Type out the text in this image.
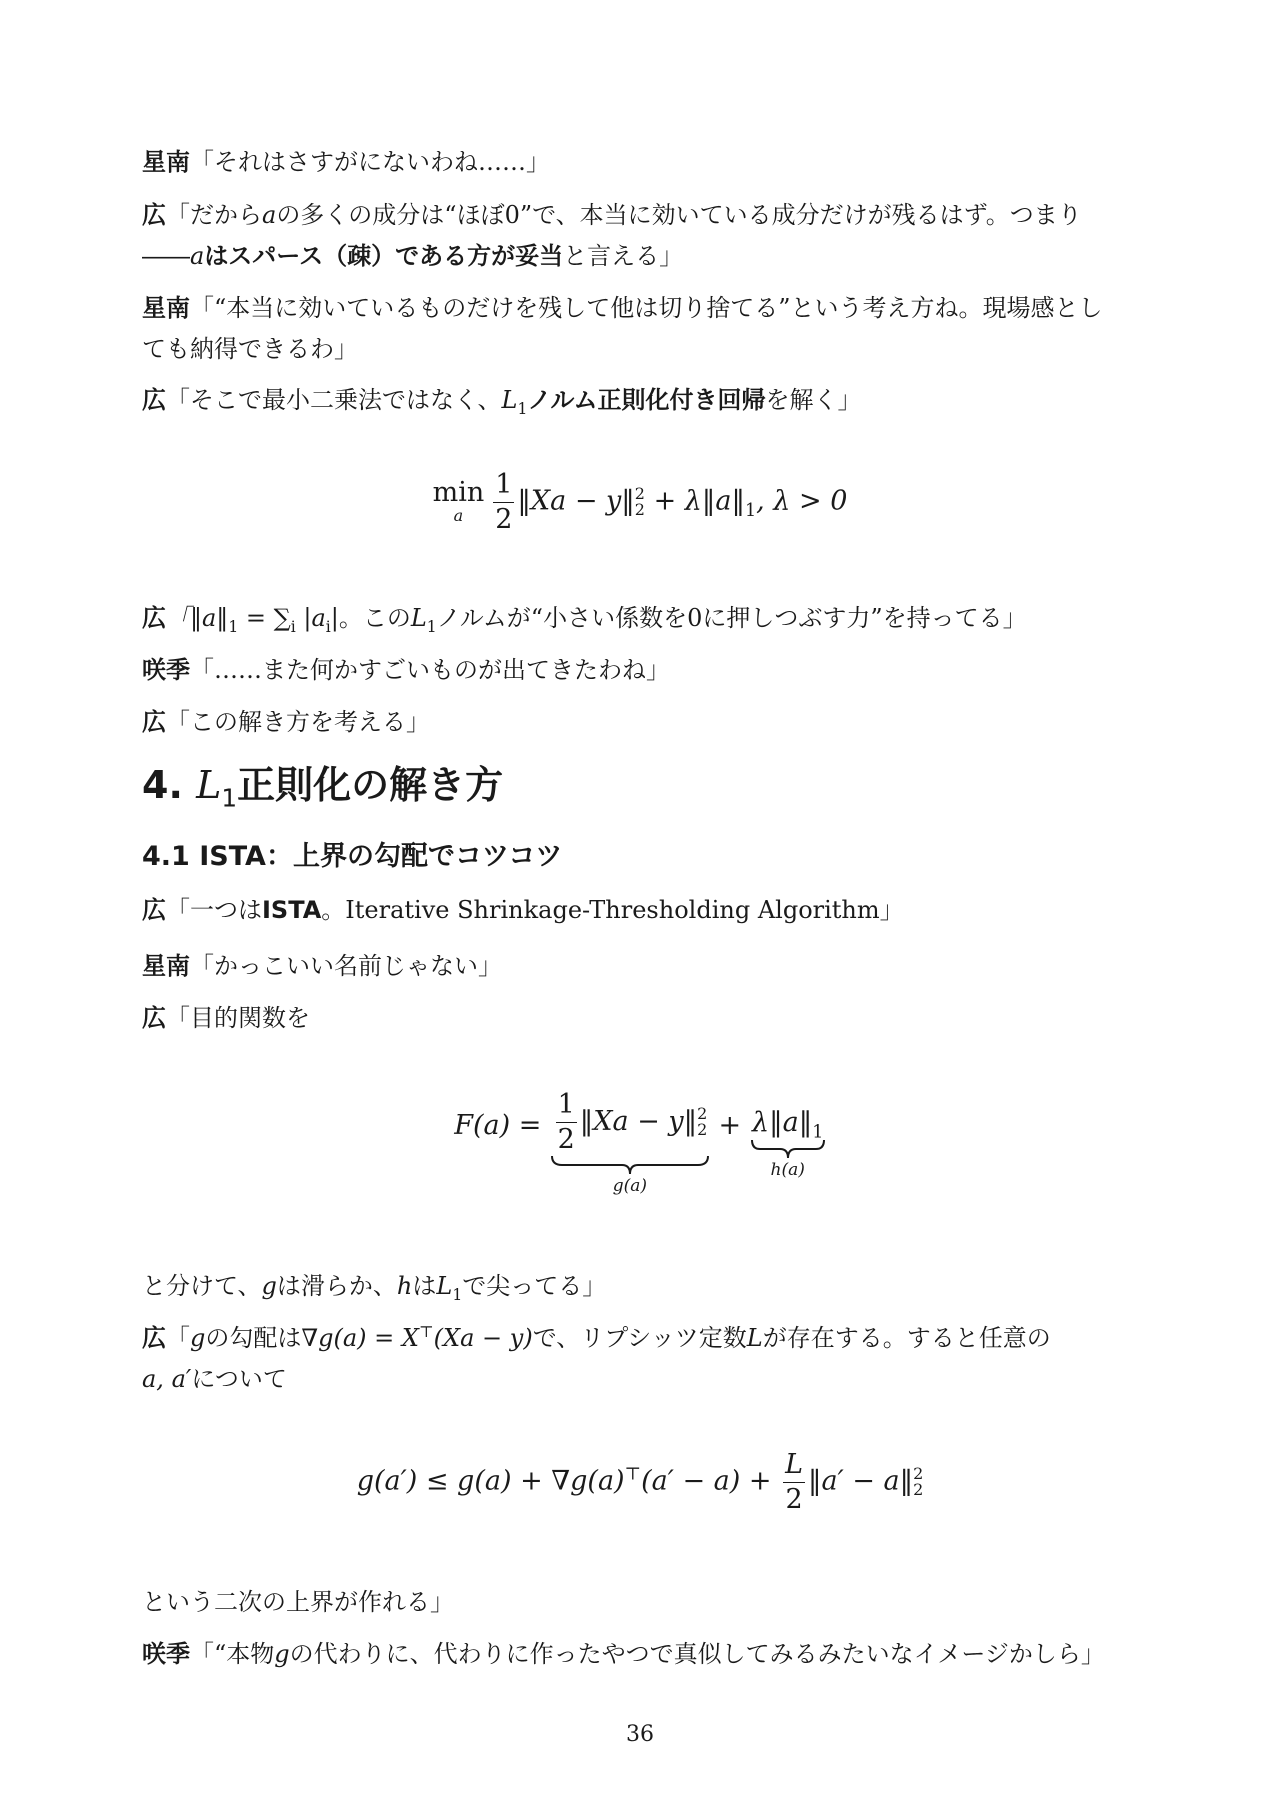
星南「それはさすがにないわね……」
広「だからaの多くの成分は“ほぼ0”で、本当に効いている成分だけが残るはず。つまり
――aはスパース（疎）である方が妥当と言える」
星南「“本当に効いているものだけを残して他は切り捨てる”という考え方ね。現場感とし
ても納得できるわ」
広「そこで最小二乗法ではなく、$L_1$ノルム正則化付き回帰を解く」
min
a	$\frac{1}{2}$ ‖Xa − y‖ 2
$2 + \lambda‖a‖_1$, λ > 0
広「$‖a‖_1 = \sum_i$ $|a_i|$。この$L_1$ノルムが“小さい係数を0に押しつぶす力”を持ってる」
咲季「……また何かすごいものが出てきたわね」
広「この解き方を考える」
4. $L_1$正則化の解き方
4.1 ISTA：上界の勾配でコツコツ
広「一つはISTA。Iterative Shrinkage-Thresholding Algorithm」
星南「かっこいい名前じゃない」
広「目的関数を
$F(a) = \frac{1}{2}$ ‖Xa − y‖ 2
2
g(a)
+ $\lambda‖a‖_1$
h(a)
と分けて、gは滑らか、hは$L_1$で尖ってる」
広「gの勾配は∇g(a) = X⊤(Xa − y)で、リプシッツ定数Lが存在する。すると任意の
a, a′について
$g(a') \le g(a) + \nabla g(a)^⊤(a' - a) + \frac{L}{2}$ ‖a′ − a‖ 2
2
という二次の上界が作れる」
咲季「“本物gの代わりに、代わりに作ったやつで真似してみるみたいなイメージかしら」
36
